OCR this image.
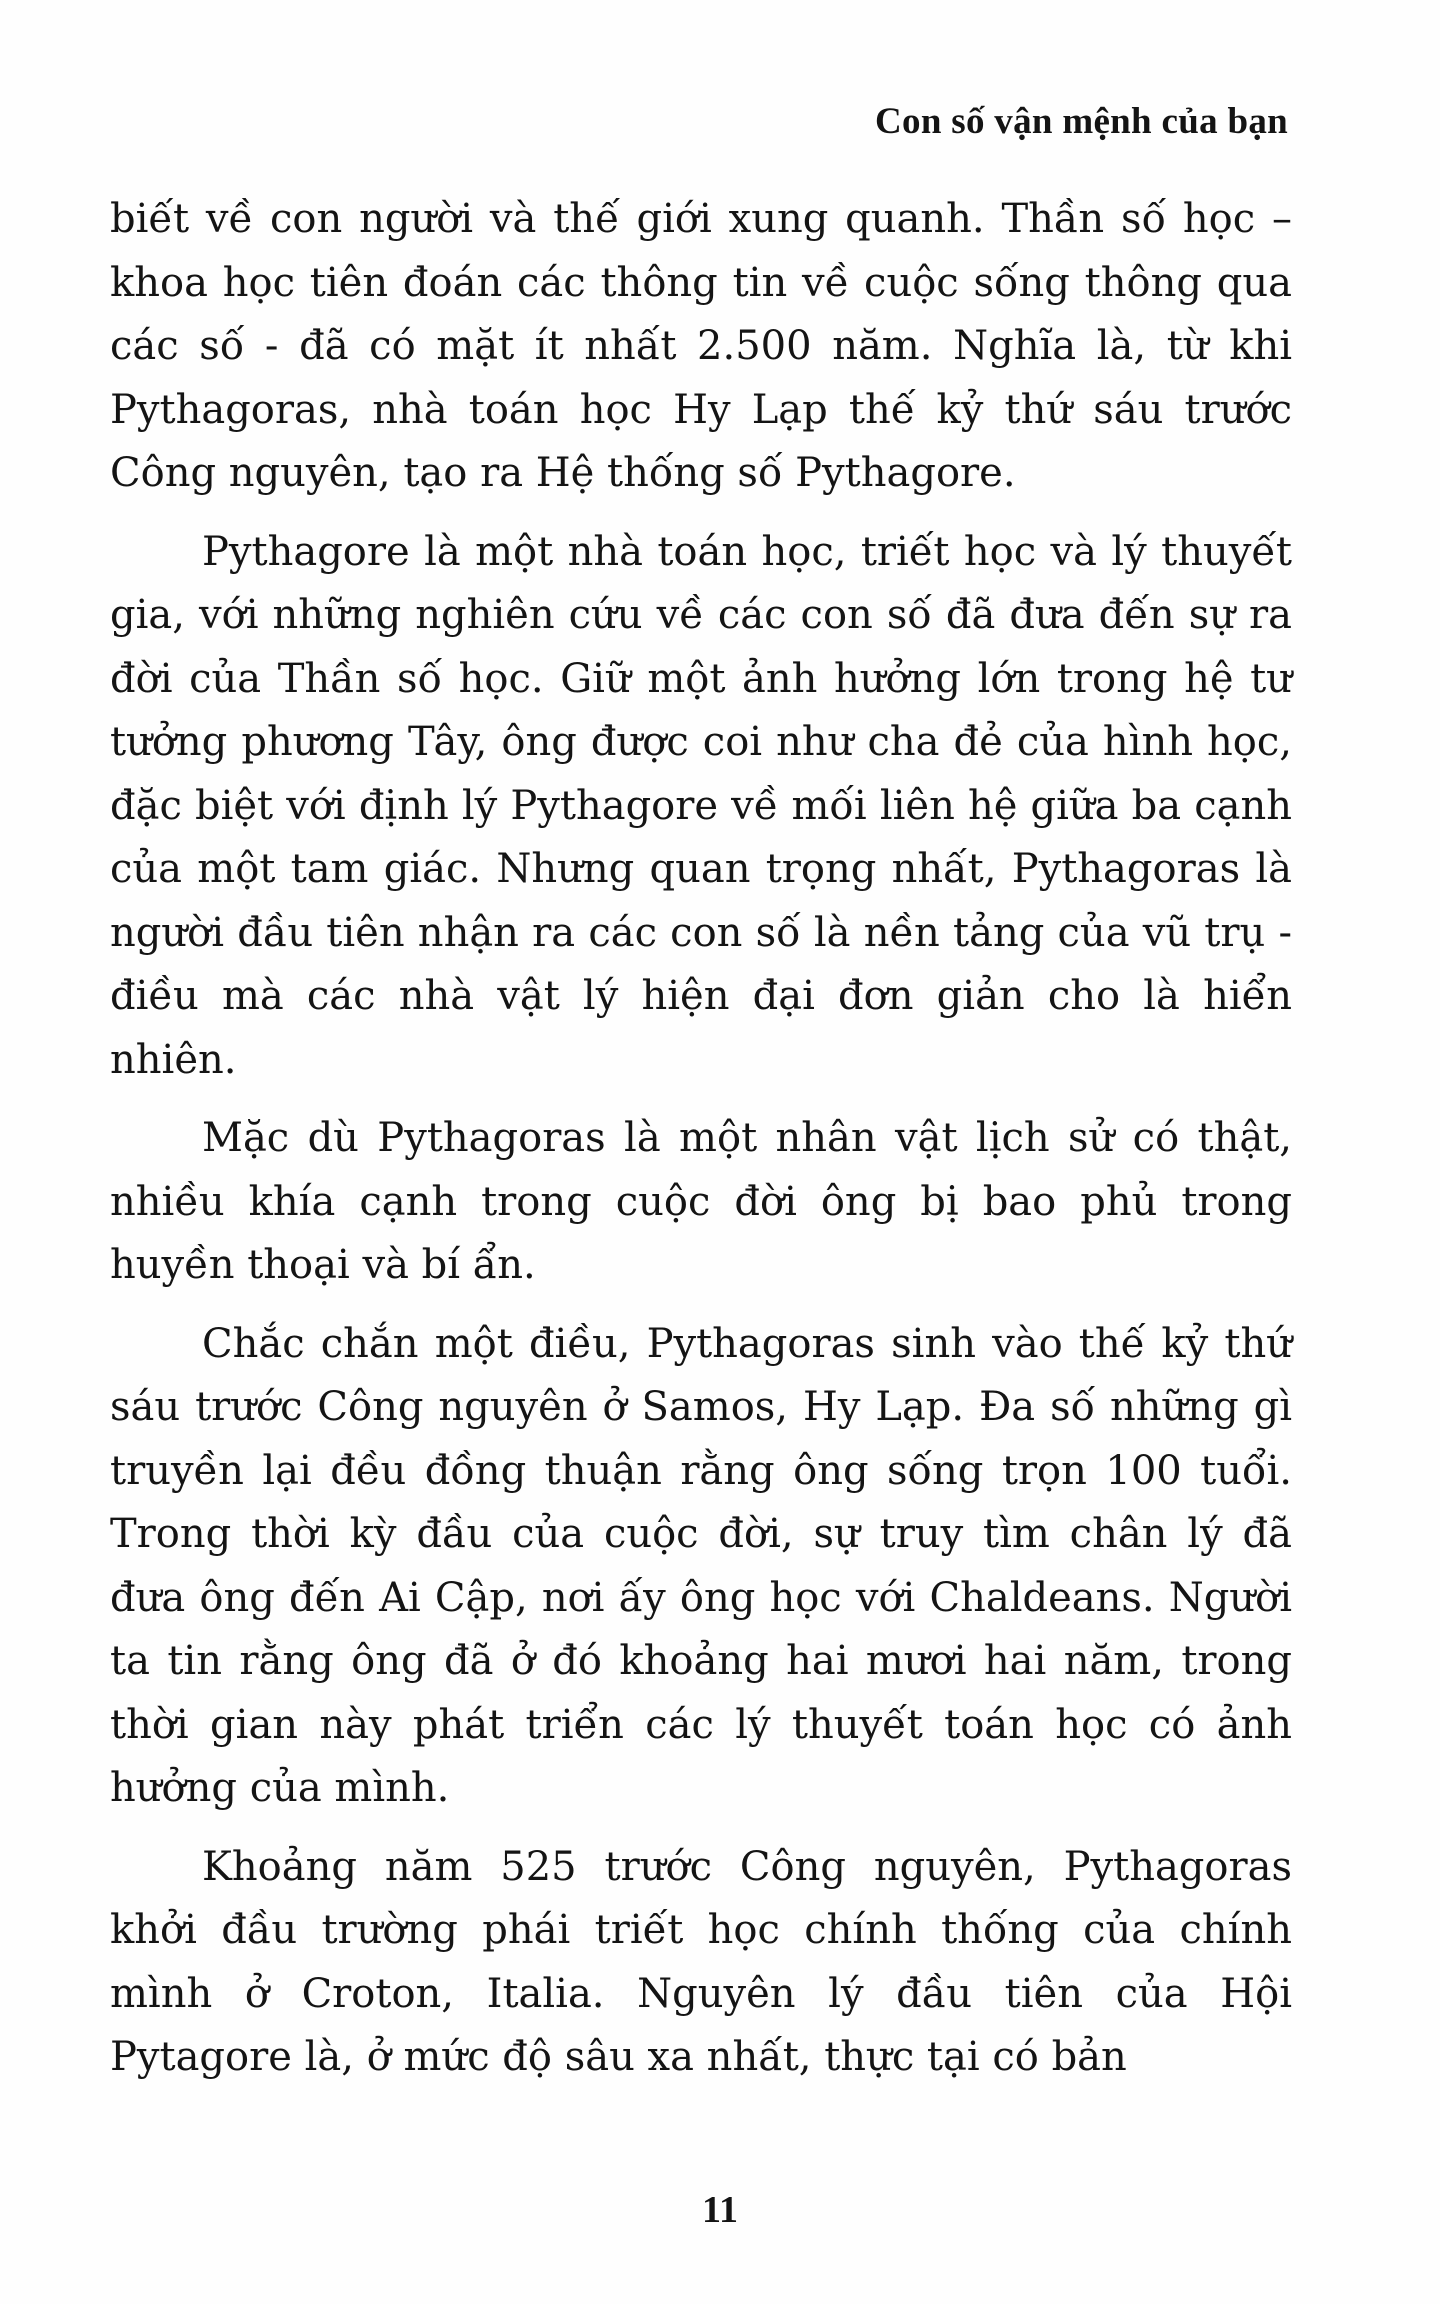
Con số vận mệnh của bạn

biết về con người và thế giới xung quanh. Thần số học – khoa học tiên đoán các thông tin về cuộc sống thông qua các số - đã có mặt ít nhất 2.500 năm. Nghĩa là, từ khi Pythagoras, nhà toán học Hy Lạp thế kỷ thứ sáu trước Công nguyên, tạo ra Hệ thống số Pythagore.

Pythagore là một nhà toán học, triết học và lý thuyết gia, với những nghiên cứu về các con số đã đưa đến sự ra đời của Thần số học. Giữ một ảnh hưởng lớn trong hệ tư tưởng phương Tây, ông được coi như cha đẻ của hình học, đặc biệt với định lý Pythagore về mối liên hệ giữa ba cạnh của một tam giác. Nhưng quan trọng nhất, Pythagoras là người đầu tiên nhận ra các con số là nền tảng của vũ trụ - điều mà các nhà vật lý hiện đại đơn giản cho là hiển nhiên.

Mặc dù Pythagoras là một nhân vật lịch sử có thật, nhiều khía cạnh trong cuộc đời ông bị bao phủ trong huyền thoại và bí ẩn.

Chắc chắn một điều, Pythagoras sinh vào thế kỷ thứ sáu trước Công nguyên ở Samos, Hy Lạp. Đa số những gì truyền lại đều đồng thuận rằng ông sống trọn 100 tuổi. Trong thời kỳ đầu của cuộc đời, sự truy tìm chân lý đã đưa ông đến Ai Cập, nơi ấy ông học với Chaldeans. Người ta tin rằng ông đã ở đó khoảng hai mươi hai năm, trong thời gian này phát triển các lý thuyết toán học có ảnh hưởng của mình.

Khoảng năm 525 trước Công nguyên, Pythagoras khởi đầu trường phái triết học chính thống của chính mình ở Croton, Italia. Nguyên lý đầu tiên của Hội Pytagore là, ở mức độ sâu xa nhất, thực tại có bản

11
